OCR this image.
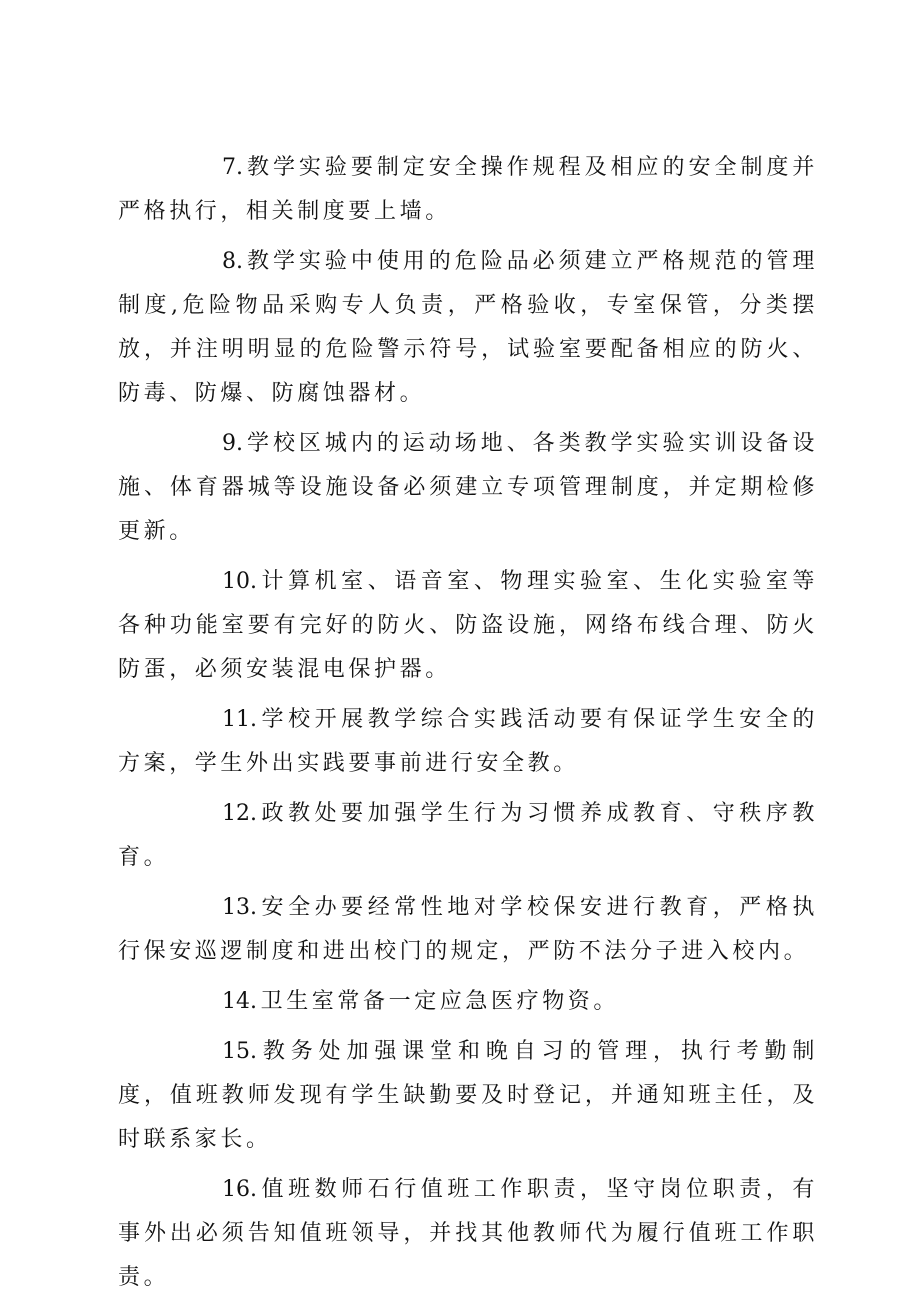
7.教学实验要制定安全操作规程及相应的安全制度并严格执行，相关制度要上墙。

8.教学实验中使用的危险品必须建立严格规范的管理制度,危险物品采购专人负责，严格验收，专室保管，分类摆放，并注明明显的危险警示符号，试验室要配备相应的防火、防毒、防爆、防腐蚀器材。

9.学校区城内的运动场地、各类教学实验实训设备设施、体育器城等设施设备必须建立专项管理制度，并定期检修更新。

10.计算机室、语音室、物理实验室、生化实验室等各种功能室要有完好的防火、防盗设施，网络布线合理、防火防蛋，必须安装混电保护器。

11.学校开展教学综合实践活动要有保证学生安全的方案，学生外出实践要事前进行安全教。

12.政教处要加强学生行为习惯养成教育、守秩序教育。

13.安全办要经常性地对学校保安进行教育，严格执行保安巡逻制度和进出校门的规定，严防不法分子进入校内。

14.卫生室常备一定应急医疗物资。

15.教务处加强课堂和晚自习的管理，执行考勤制度，值班教师发现有学生缺勤要及时登记，并通知班主任，及时联系家长。

16.值班数师石行值班工作职责，坚守岗位职责，有事外出必须告知值班领导，并找其他教师代为履行值班工作职责。
